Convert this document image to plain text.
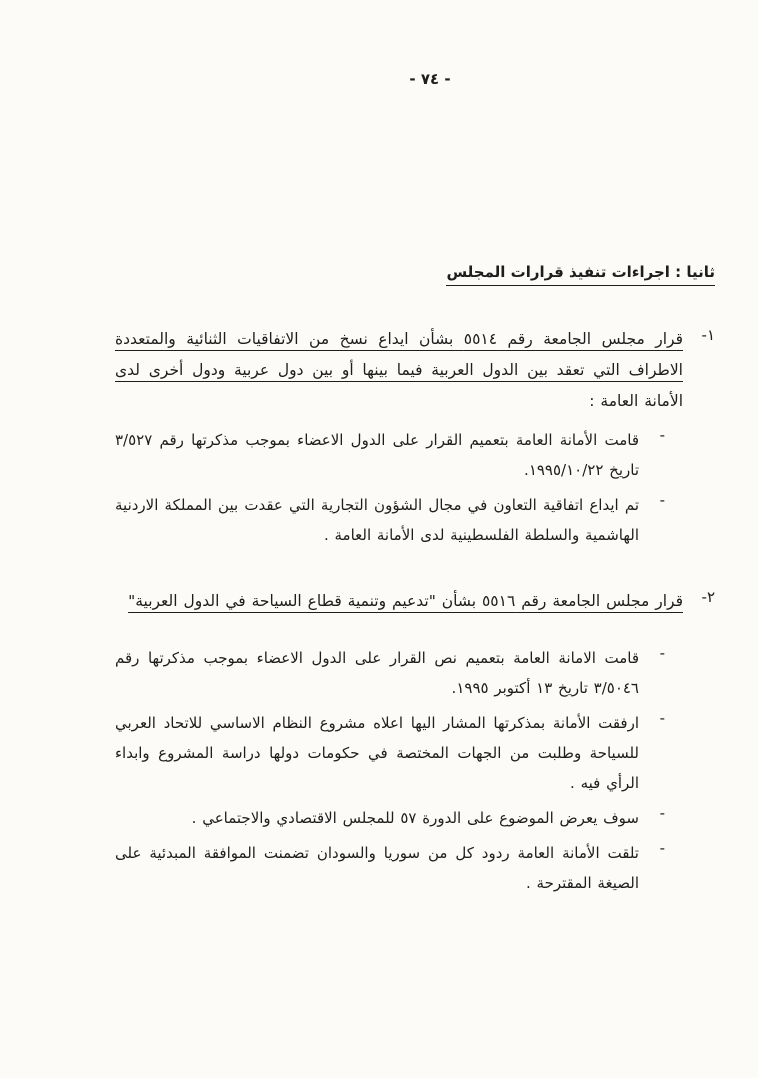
- ٧٤ -
ثانيا : اجراءات تنفيذ قرارات المجلس
١-

قرار مجلس الجامعة رقم ٥٥١٤ بشأن ايداع نسخ من الاتفاقيات الثنائية والمتعددة الاطراف التي تعقد بين الدول العربية فيما بينها أو بين دول عربية ودول أخرى لدى الأمانة العامة :

-

قامت الأمانة العامة بتعميم القرار على الدول الاعضاء بموجب مذكرتها رقم ٣/٥٢٧ تاريخ ١٩٩٥/١٠/٢٢.

-

تم ايداع اتفاقية التعاون في مجال الشؤون التجارية التي عقدت بين المملكة الاردنية الهاشمية والسلطة الفلسطينية لدى الأمانة العامة .

٢-

قرار مجلس الجامعة رقم ٥٥١٦ بشأن "تدعيم وتنمية قطاع السياحة في الدول العربية"

-

قامت الامانة العامة بتعميم نص القرار على الدول الاعضاء بموجب مذكرتها رقم ٣/٥٠٤٦ تاريخ ١٣ أكتوبر ١٩٩٥.

-

ارفقت الأمانة بمذكرتها المشار اليها اعلاه مشروع النظام الاساسي للاتحاد العربي للسياحة وطلبت من الجهات المختصة في حكومات دولها دراسة المشروع وابداء الرأي فيه .

-

سوف يعرض الموضوع على الدورة ٥٧ للمجلس الاقتصادي والاجتماعي .

-

تلقت الأمانة العامة ردود كل من سوريا والسودان تضمنت الموافقة المبدئية على الصيغة المقترحة .
